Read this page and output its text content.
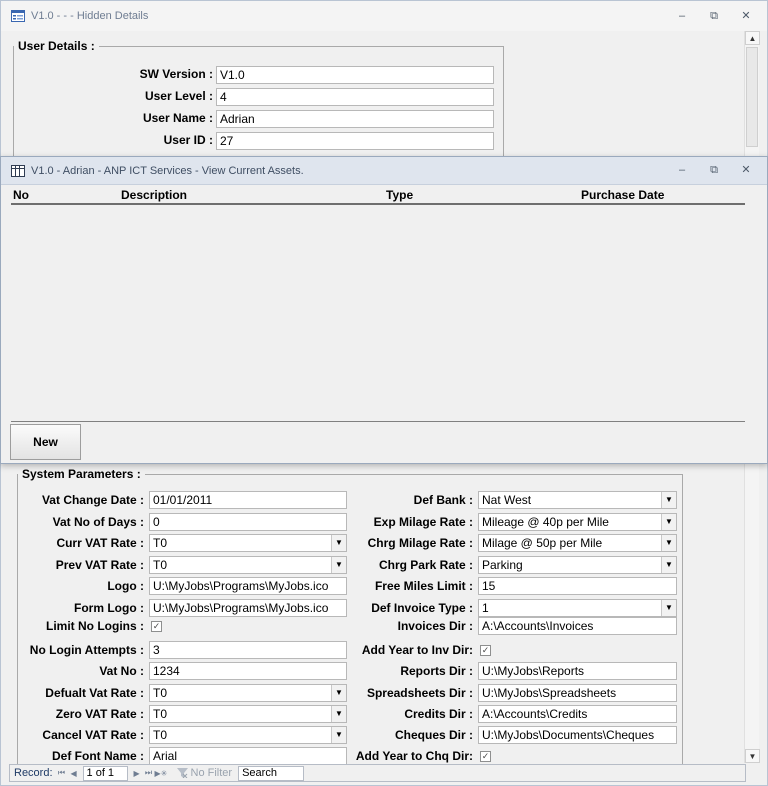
V1.0 - - - Hidden Details	–	⧉ ✕
User Details :
SW Version : V1.0
User Level : 4
User Name : Adrian
User ID : 27
System Parameters :
Vat Change Date : 01/01/2011
Vat No of Days : 0
Curr VAT Rate : T0	▼
Prev VAT Rate : T0	▼
Logo : U:\MyJobs\Programs\MyJobs.ico
Form Logo : U:\MyJobs\Programs\MyJobs.ico
Limit No Logins : ✓
No Login Attempts : 3
Vat No : 1234
Defualt Vat Rate : T0	▼
Zero VAT Rate : T0	▼
Cancel VAT Rate : T0	▼
Def Font Name : Arial
Def Bank : Nat West	▼
Exp Milage Rate : Mileage @ 40p per Mile	▼
Chrg Milage Rate : Milage @ 50p per Mile	▼
Chrg Park Rate : Parking	▼
Free Miles Limit : 15
Def Invoice Type : 1	▼
Invoices Dir : A:\Accounts\Invoices
Add Year to Inv Dir: ✓
Reports Dir : U:\MyJobs\Reports
Spreadsheets Dir : U:\MyJobs\Spreadsheets
Credits Dir : A:\Accounts\Credits
Cheques Dir : U:\MyJobs\Documents\Cheques
Add Year to Chq Dir: ✓
▲
▼
Record: ⏮ ◀ 1 of 1	▶ ⏭ ▶✳ No Filter Search
V1.0 - Adrian - ANP ICT Services - View Current Assets.	–	⧉ ✕
No	Description	Type	Purchase Date
New
